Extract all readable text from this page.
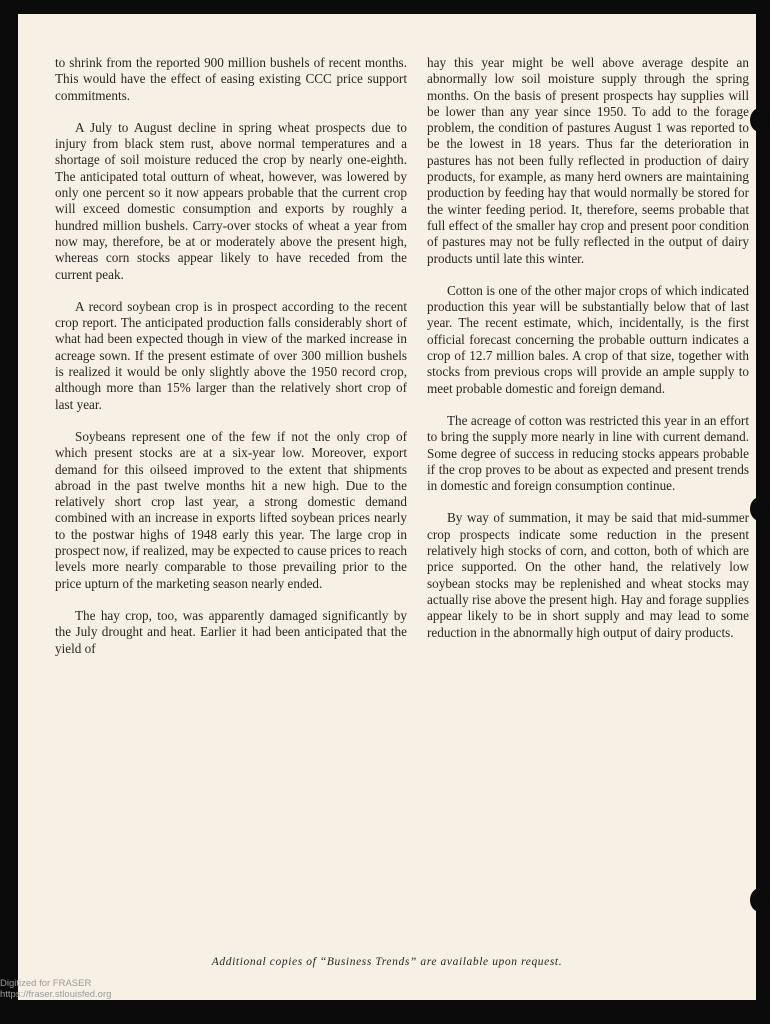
to shrink from the reported 900 million bushels of recent months. This would have the effect of easing existing CCC price support commitments.

A July to August decline in spring wheat prospects due to injury from black stem rust, above normal temperatures and a shortage of soil moisture reduced the crop by nearly one-eighth. The anticipated total outturn of wheat, however, was lowered by only one percent so it now appears probable that the current crop will exceed domestic consumption and exports by roughly a hundred million bushels. Carry-over stocks of wheat a year from now may, therefore, be at or moderately above the present high, whereas corn stocks appear likely to have receded from the current peak.

A record soybean crop is in prospect according to the recent crop report. The anticipated production falls considerably short of what had been expected though in view of the marked increase in acreage sown. If the present estimate of over 300 million bushels is realized it would be only slightly above the 1950 record crop, although more than 15% larger than the relatively short crop of last year.

Soybeans represent one of the few if not the only crop of which present stocks are at a six-year low. Moreover, export demand for this oilseed improved to the extent that shipments abroad in the past twelve months hit a new high. Due to the relatively short crop last year, a strong domestic demand combined with an increase in exports lifted soybean prices nearly to the postwar highs of 1948 early this year. The large crop in prospect now, if realized, may be expected to cause prices to reach levels more nearly comparable to those prevailing prior to the price upturn of the marketing season nearly ended.

The hay crop, too, was apparently damaged significantly by the July drought and heat. Earlier it had been anticipated that the yield of

hay this year might be well above average despite an abnormally low soil moisture supply through the spring months. On the basis of present prospects hay supplies will be lower than any year since 1950. To add to the forage problem, the condition of pastures August 1 was reported to be the lowest in 18 years. Thus far the deterioration in pastures has not been fully reflected in production of dairy products, for example, as many herd owners are maintaining production by feeding hay that would normally be stored for the winter feeding period. It, therefore, seems probable that full effect of the smaller hay crop and present poor condition of pastures may not be fully reflected in the output of dairy products until late this winter.

Cotton is one of the other major crops of which indicated production this year will be substantially below that of last year. The recent estimate, which, incidentally, is the first official forecast concerning the probable outturn indicates a crop of 12.7 million bales. A crop of that size, together with stocks from previous crops will provide an ample supply to meet probable domestic and foreign demand.

The acreage of cotton was restricted this year in an effort to bring the supply more nearly in line with current demand. Some degree of success in reducing stocks appears probable if the crop proves to be about as expected and present trends in domestic and foreign consumption continue.

By way of summation, it may be said that mid-summer crop prospects indicate some reduction in the present relatively high stocks of corn, and cotton, both of which are price supported. On the other hand, the relatively low soybean stocks may be replenished and wheat stocks may actually rise above the present high. Hay and forage supplies appear likely to be in short supply and may lead to some reduction in the abnormally high output of dairy products.

Additional copies of “Business Trends” are available upon request.
Digitized for FRASER
https://fraser.stlouisfed.org
